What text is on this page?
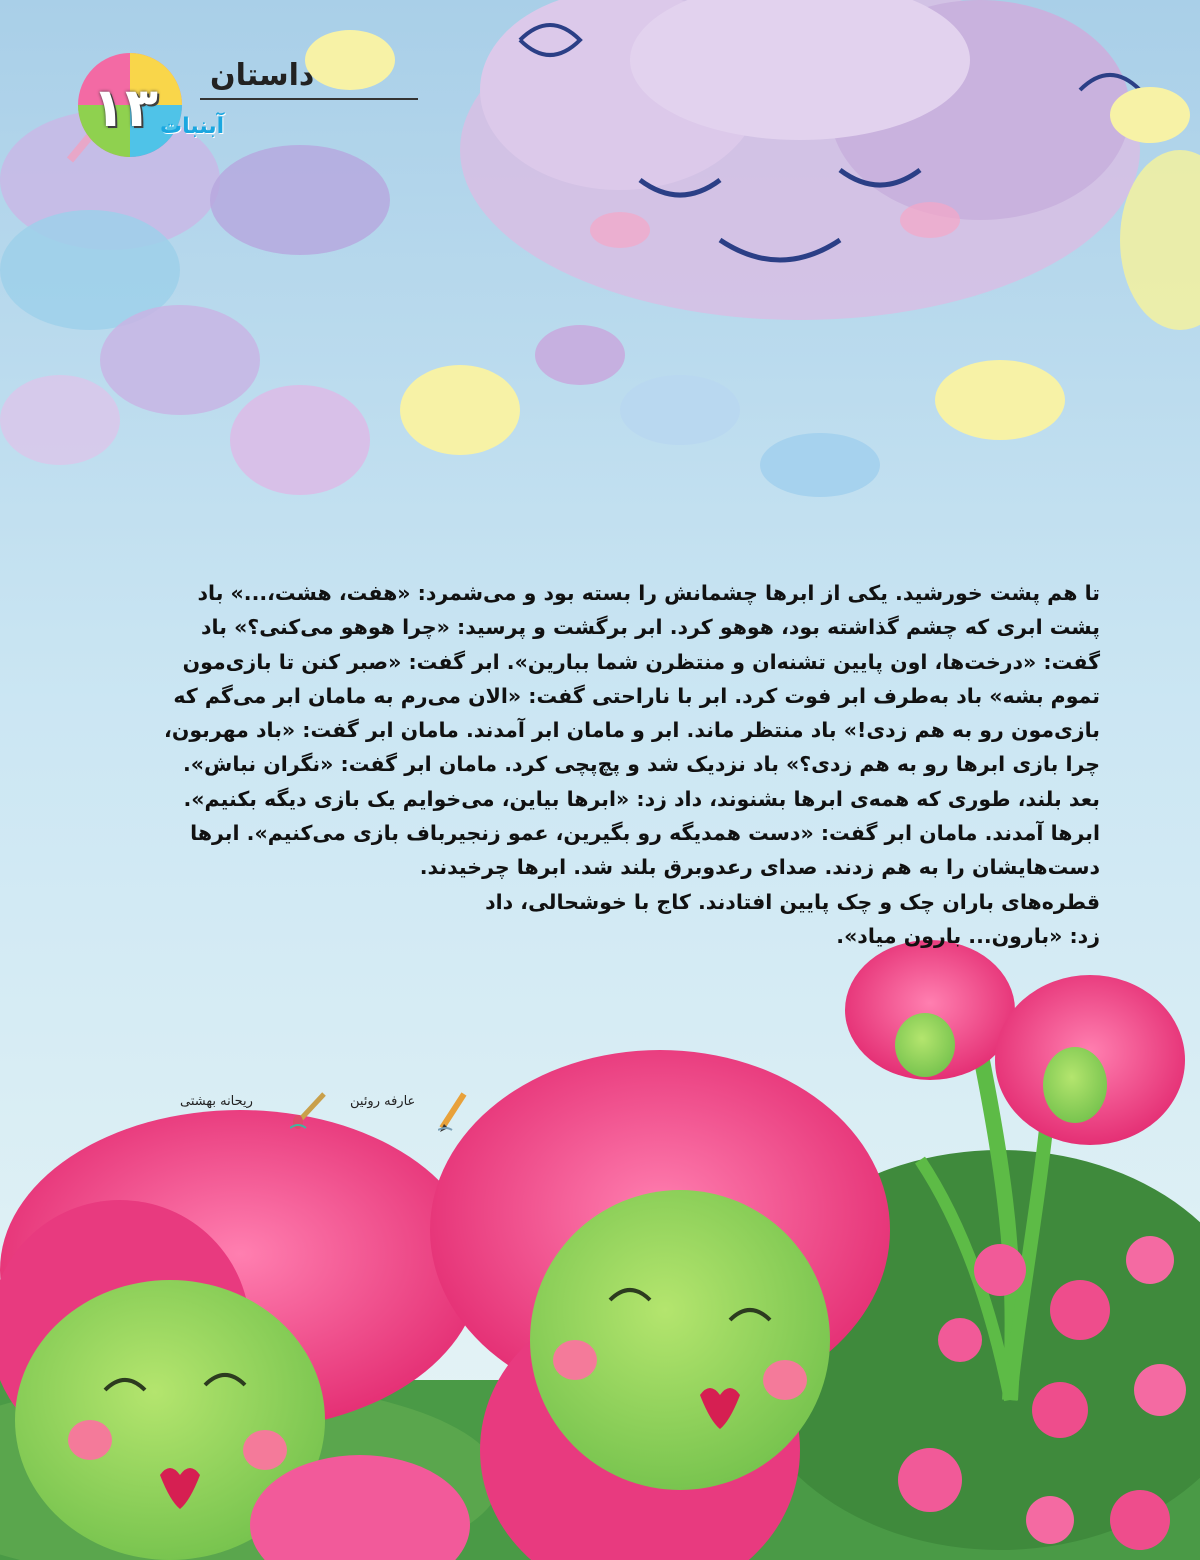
داستان
۱۳ آبنبات

تا هم پشت خورشید. یکی از ابرها چشمانش را بسته بود و می‌شمرد: «هفت، هشت،...» باد
پشت ابری که چشم گذاشته بود، هوهو کرد. ابر برگشت و پرسید: «چرا هوهو می‌کنی؟» باد
گفت: «درخت‌ها، اون پایین تشنه‌ان و منتظرن شما ببارین». ابر گفت: «صبر کنن تا بازی‌مون
تموم بشه» باد به‌طرف ابر فوت کرد. ابر با ناراحتی گفت: «الان می‌رم به مامان ابر می‌گم که
بازی‌مون رو به هم زدی!» باد منتظر ماند. ابر و مامان ابر آمدند. مامان ابر گفت: «باد مهربون،
چرا بازی ابرها رو به هم زدی؟» باد نزدیک شد و پچ‌پچی کرد. مامان ابر گفت: «نگران نباش».
بعد بلند، طوری که همه‌ی ابرها بشنوند، داد زد: «ابرها بیاین، می‌خوایم یک بازی دیگه بکنیم».
ابرها آمدند. مامان ابر گفت: «دست همدیگه رو بگیرین، عمو زنجیرباف بازی می‌کنیم». ابرها
دست‌هایشان را به هم زدند. صدای رعدوبرق بلند شد. ابرها چرخیدند.
قطره‌های باران چک و چک پایین افتادند. کاج با خوشحالی، داد
زد: «بارون... بارون میاد».

عارفه روئین
ریحانه بهشتی
